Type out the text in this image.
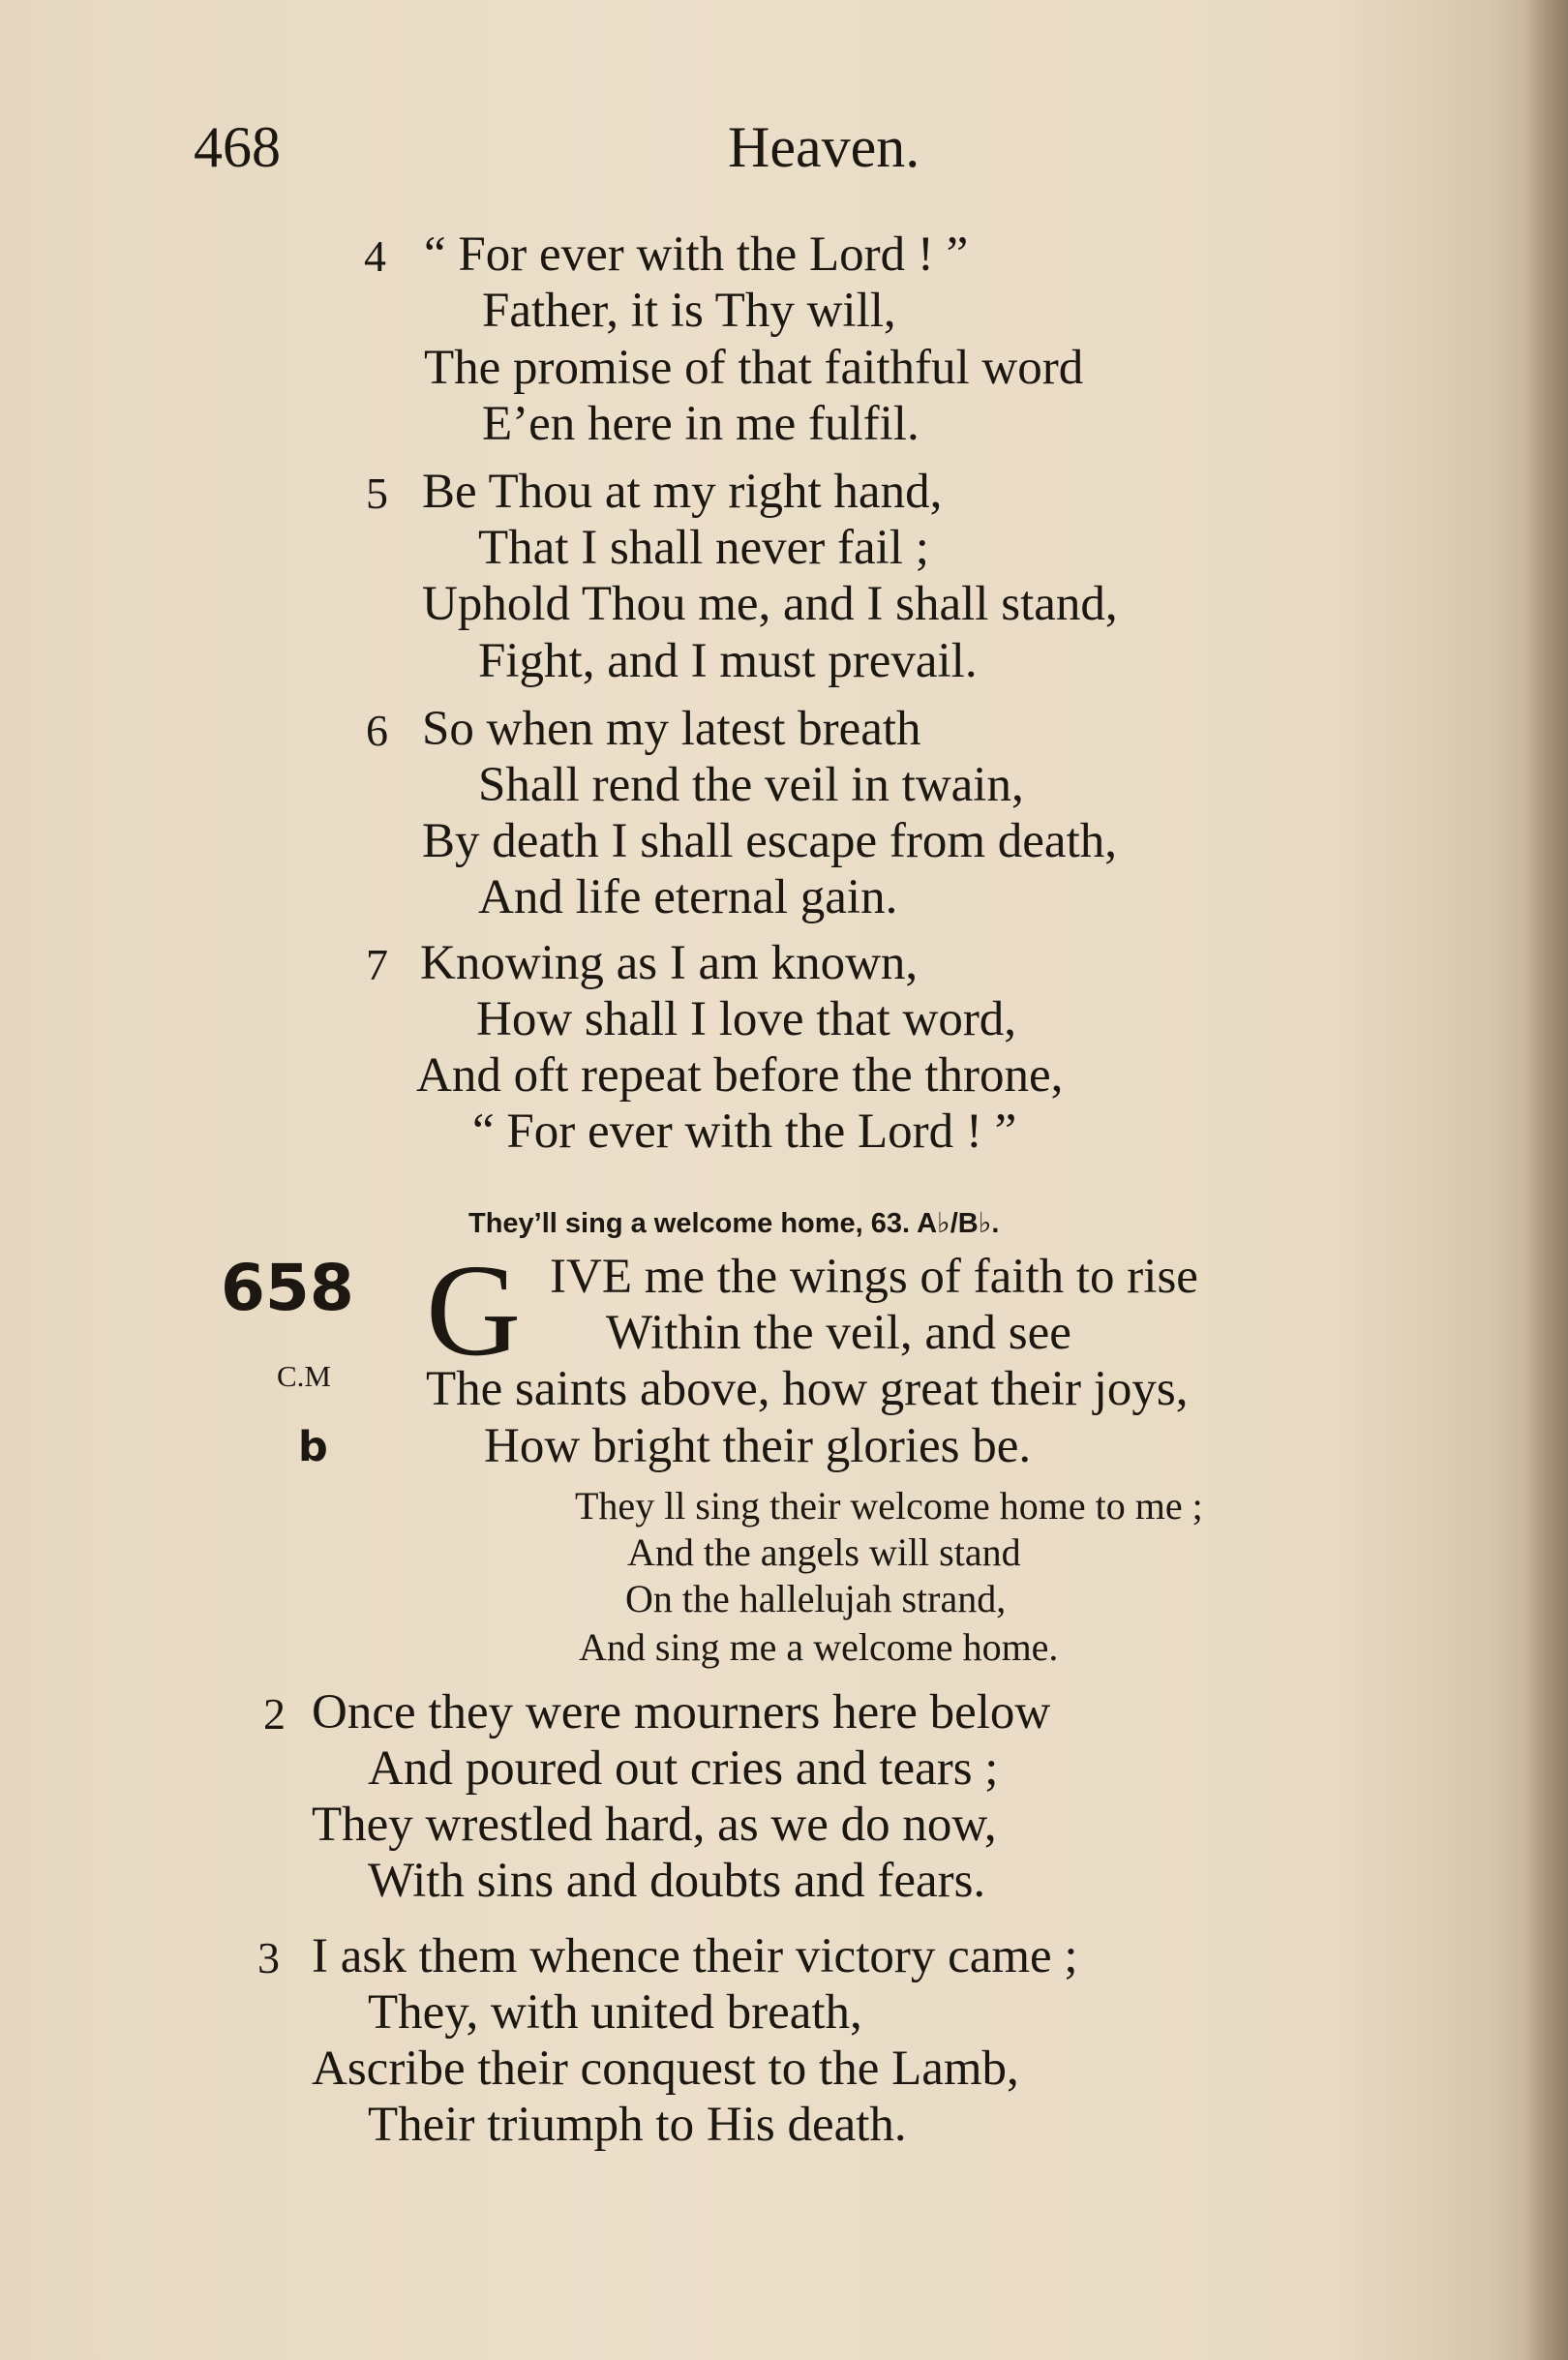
468	Heaven.
4 “ For ever with the Lord ! ”
Father, it is Thy will,
The promise of that faithful word
E’en here in me fulfil.
5 Be Thou at my right hand,
That I shall never fail ;
Uphold Thou me, and I shall stand,
Fight, and I must prevail.
6 So when my latest breath
Shall rend the veil in twain,
By death I shall escape from death,
And life eternal gain.
7 Knowing as I am known,
How shall I love that word,
And oft repeat before the throne,
“ For ever with the Lord ! ”
They’ll sing a welcome home, 63. A♭/B♭.
658
C.M
b
G IVE me the wings of faith to rise
Within the veil, and see
The saints above, how great their joys,
How bright their glories be.
They ll sing their welcome home to me ;
And the angels will stand
On the hallelujah strand,
And sing me a welcome home.
2 Once they were mourners here below
And poured out cries and tears ;
They wrestled hard, as we do now,
With sins and doubts and fears.
3 I ask them whence their victory came ;
They, with united breath,
Ascribe their conquest to the Lamb,
Their triumph to His death.
